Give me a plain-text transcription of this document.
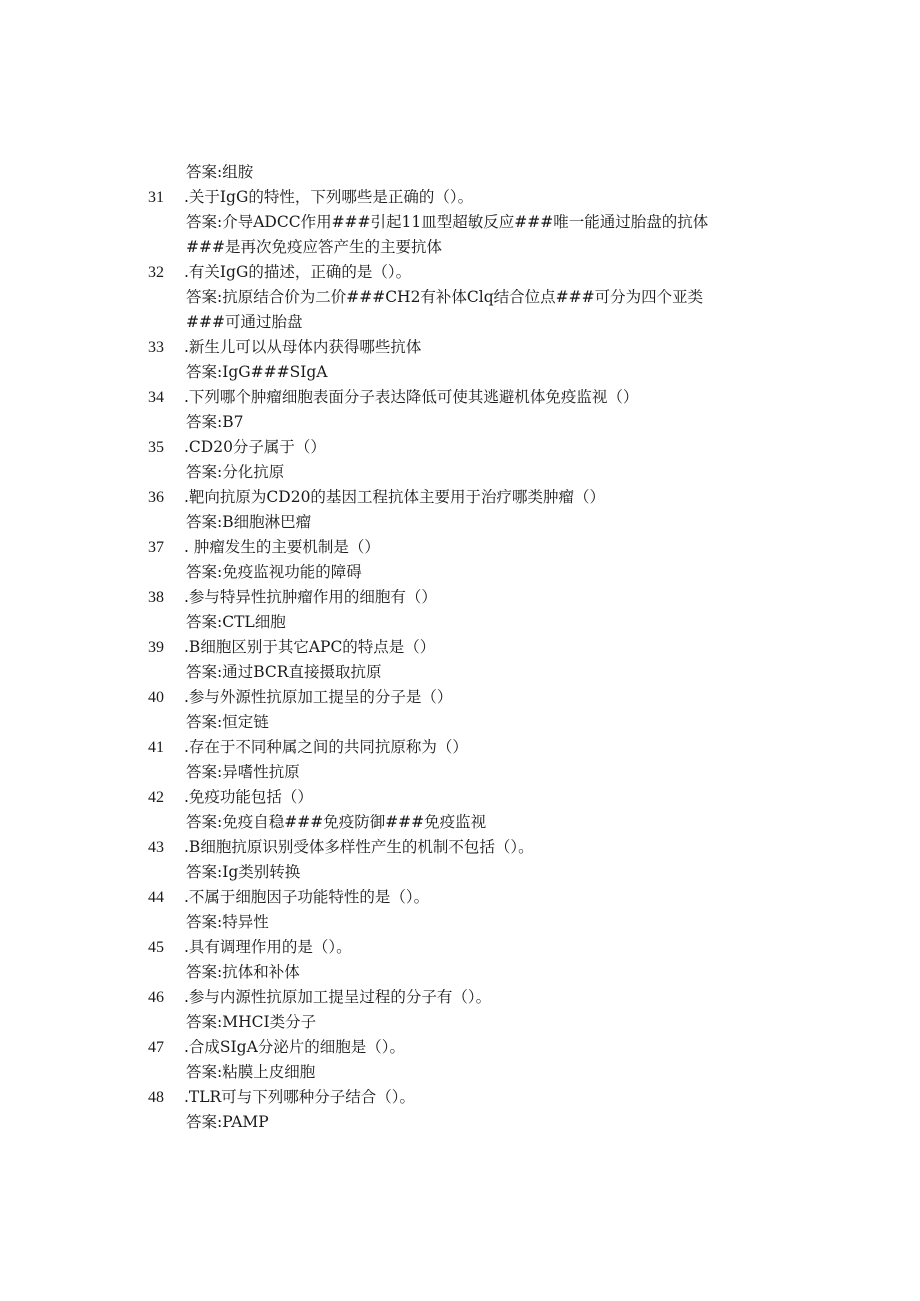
答案:组胺
31	.关于IgG的特性，下列哪些是正确的（）。
答案:介导ADCC作用###引起11皿型超敏反应###唯一能通过胎盘的抗体
###是再次免疫应答产生的主要抗体
32	.有关IgG的描述，正确的是（）。
答案:抗原结合价为二价###CH2有补体Clq结合位点###可分为四个亚类
###可通过胎盘
33	.新生儿可以从母体内获得哪些抗体
答案:IgG###SIgA
34	.下列哪个肿瘤细胞表面分子表达降低可使其逃避机体免疫监视（）
答案:B7
35	.CD20分子属于（）
答案:分化抗原
36	.靶向抗原为CD20的基因工程抗体主要用于治疗哪类肿瘤（）
答案:B细胞淋巴瘤
37	. 肿瘤发生的主要机制是（）
答案:免疫监视功能的障碍
38	.参与特异性抗肿瘤作用的细胞有（）
答案:CTL细胞
39	.B细胞区别于其它APC的特点是（）
答案:通过BCR直接摄取抗原
40	.参与外源性抗原加工提呈的分子是（）
答案:恒定链
41	.存在于不同种属之间的共同抗原称为（）
答案:异嗜性抗原
42	.免疫功能包括（）
答案:免疫自稳###免疫防御###免疫监视
43	.B细胞抗原识别受体多样性产生的机制不包括（）。
答案:Ig类别转换
44	.不属于细胞因子功能特性的是（）。
答案:特异性
45	.具有调理作用的是（）。
答案:抗体和补体
46	.参与内源性抗原加工提呈过程的分子有（）。
答案:MHCI类分子
47	.合成SIgA分泌片的细胞是（）。
答案:粘膜上皮细胞
48	.TLR可与下列哪种分子结合（）。
答案:PAMP
